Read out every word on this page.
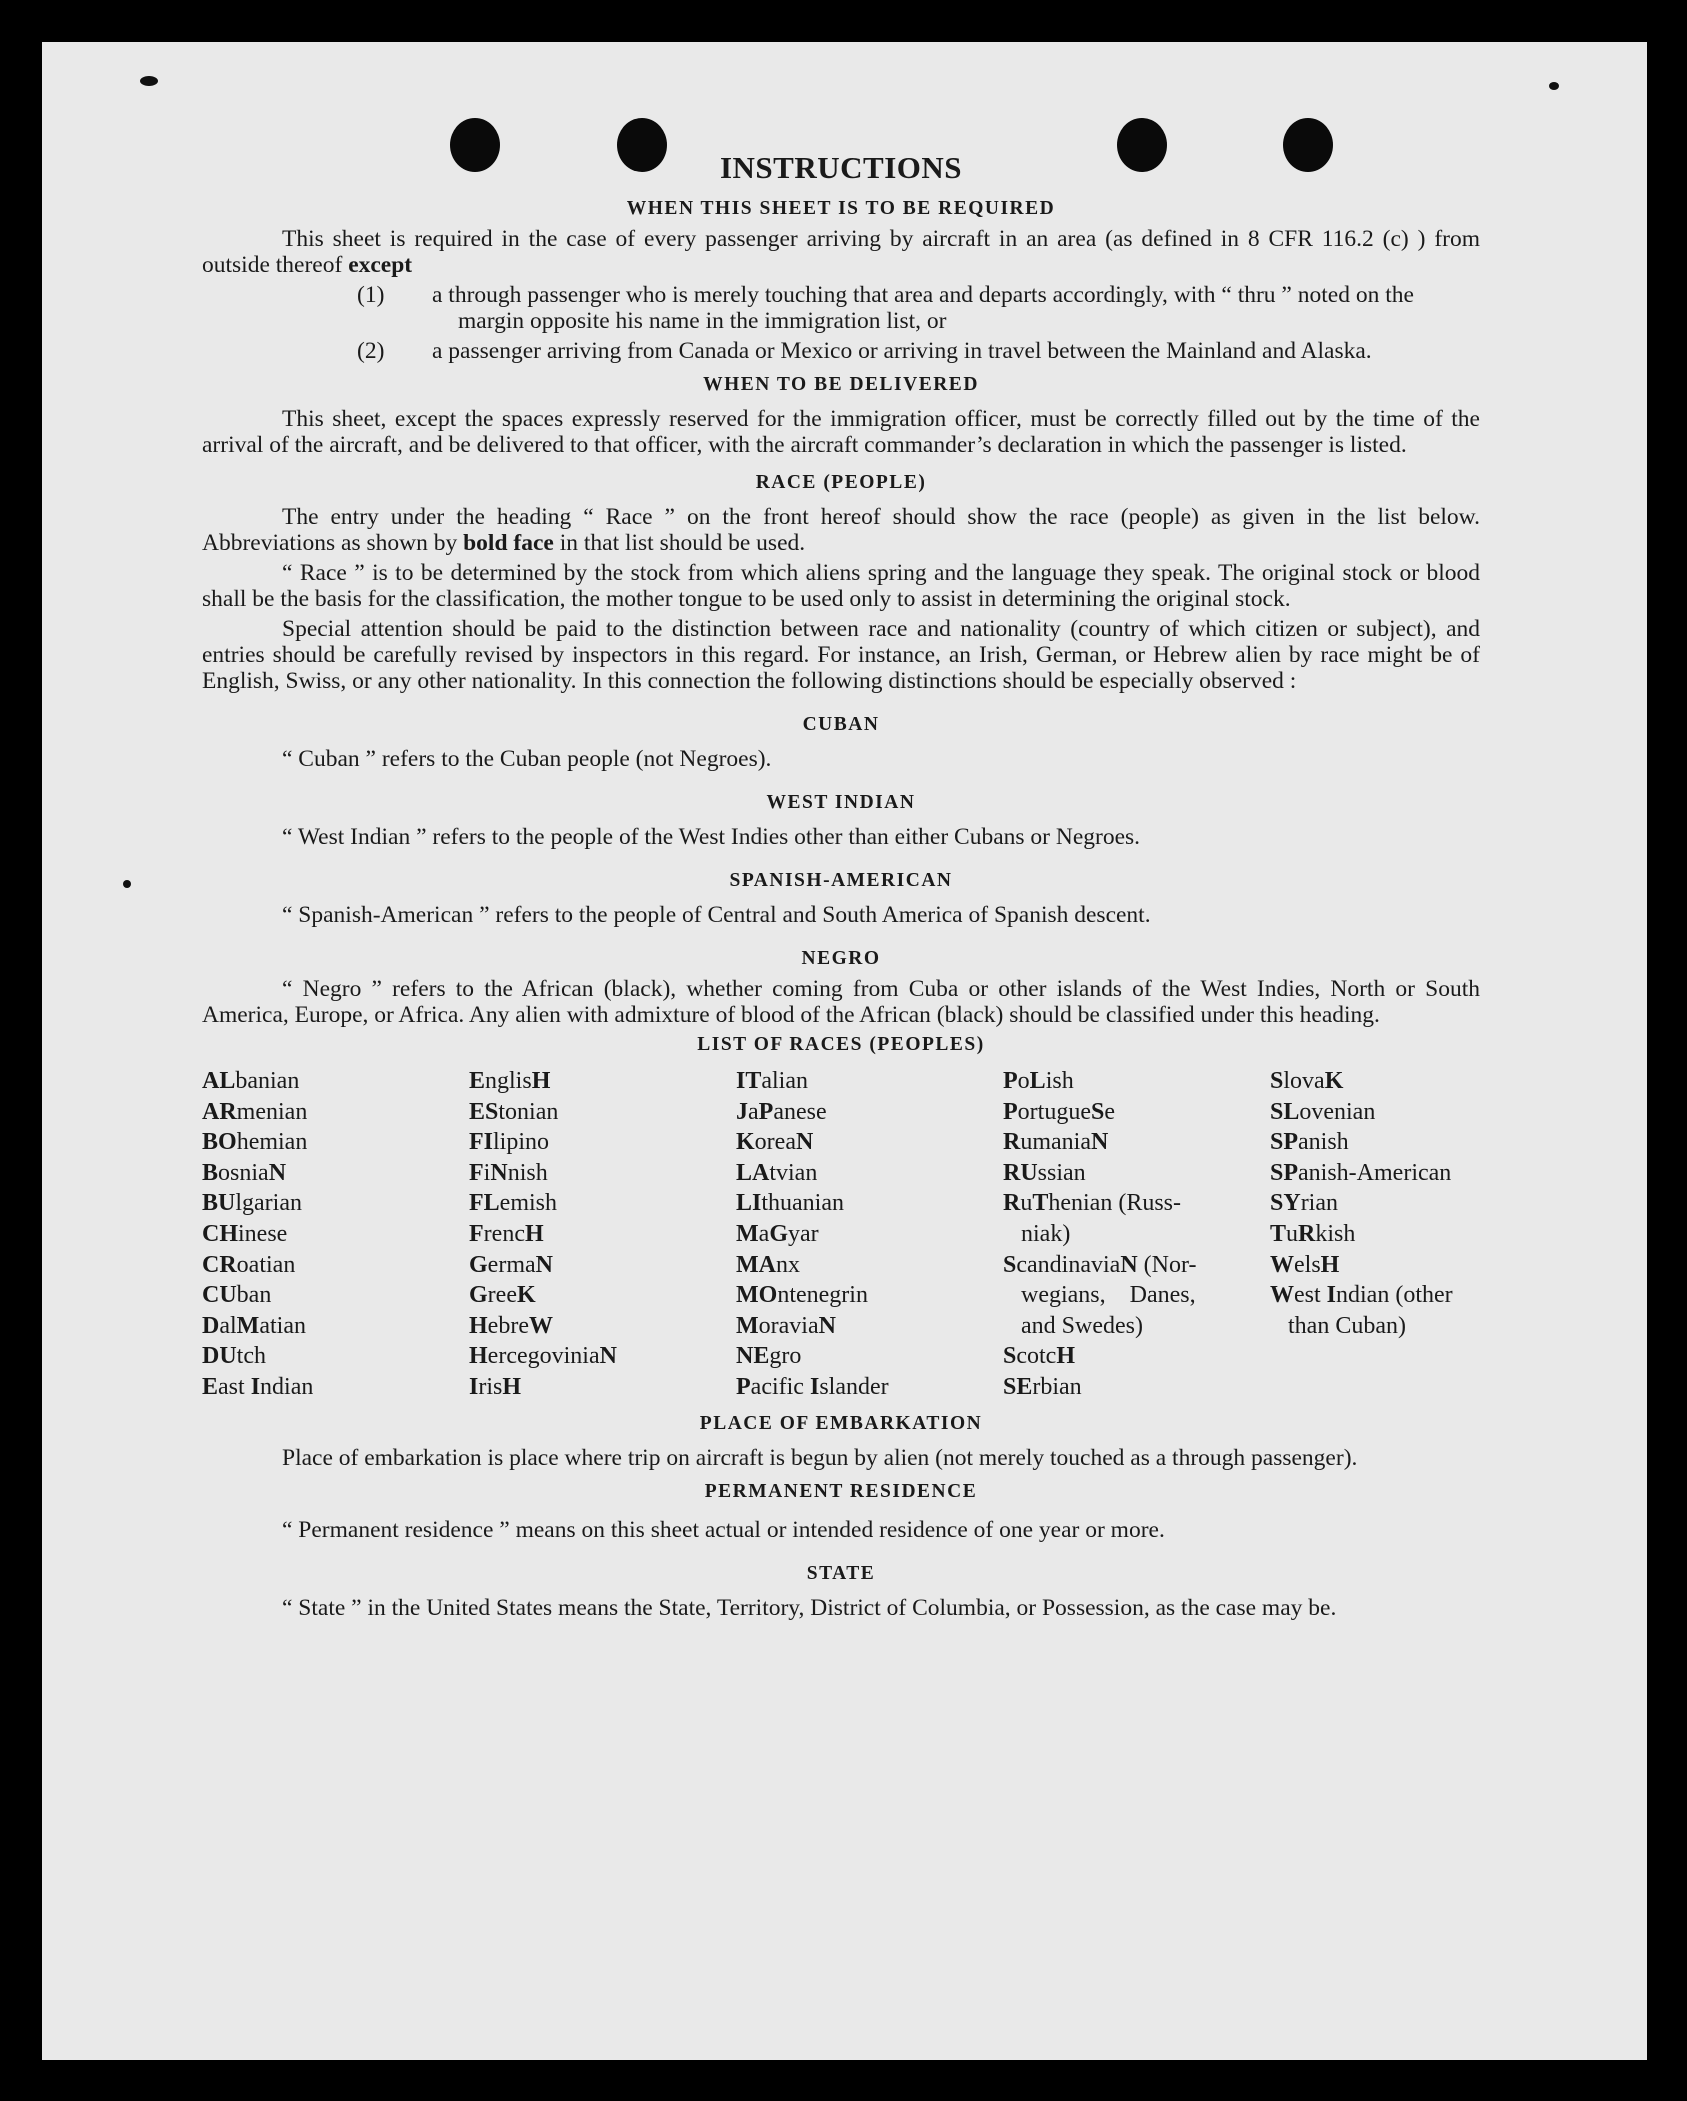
INSTRUCTIONS
WHEN THIS SHEET IS TO BE REQUIRED

This sheet is required in the case of every passenger arriving by aircraft in an area (as defined in 8 CFR 116.2 (c) ) from outside thereof except

(1) a through passenger who is merely touching that area and departs accordingly, with “ thru ” noted on the margin opposite his name in the immigration list, or
(2) a passenger arriving from Canada or Mexico or arriving in travel between the Mainland and Alaska.
WHEN TO BE DELIVERED

This sheet, except the spaces expressly reserved for the immigration officer, must be correctly filled out by the time of the arrival of the aircraft, and be delivered to that officer, with the aircraft commander’s declaration in which the passenger is listed.

RACE (PEOPLE)

The entry under the heading “ Race ” on the front hereof should show the race (people) as given in the list below. Abbreviations as shown by bold face in that list should be used.

“ Race ” is to be determined by the stock from which aliens spring and the language they speak. The original stock or blood shall be the basis for the classification, the mother tongue to be used only to assist in determining the original stock.

Special attention should be paid to the distinction between race and nationality (country of which citizen or subject), and entries should be carefully revised by inspectors in this regard. For instance, an Irish, German, or Hebrew alien by race might be of English, Swiss, or any other nationality. In this connection the following distinctions should be especially observed :

CUBAN

“ Cuban ” refers to the Cuban people (not Negroes).

WEST INDIAN

“ West Indian ” refers to the people of the West Indies other than either Cubans or Negroes.

SPANISH-AMERICAN

“ Spanish-American ” refers to the people of Central and South America of Spanish descent.

NEGRO

“ Negro ” refers to the African (black), whether coming from Cuba or other islands of the West Indies, North or South America, Europe, or Africa. Any alien with admixture of blood of the African (black) should be classified under this heading.

LIST OF RACES (PEOPLES)
ALbanian
ARmenian
BOhemian
BosniaN
BUlgarian
CHinese
CRoatian
CUban
DalMatian
DUtch
East Indian
EnglisH
EStonian
FIlipino
FiNnish
FLemish
FrencH
GermaN
GreeK
HebreW
HercegoviniaN
IrisH
ITalian
JaPanese
KoreaN
LAtvian
LIthuanian
MaGyar
MAnx
MOntenegrin
MoraviaN
NEgro
Pacific Islander
PoLish
PortugueSe
RumaniaN
RUssian
RuThenian (Russ-
niak)
ScandinaviaN (Nor-
wegians,    Danes,
and Swedes)
ScotcH
SErbian
SlovaK
SLovenian
SPanish
SPanish-American
SYrian
TuRkish
WelsH
West Indian (other
than Cuban)
PLACE OF EMBARKATION

Place of embarkation is place where trip on aircraft is begun by alien (not merely touched as a through passenger).

PERMANENT RESIDENCE

“ Permanent residence ” means on this sheet actual or intended residence of one year or more.

STATE

“ State ” in the United States means the State, Territory, District of Columbia, or Possession, as the case may be.
